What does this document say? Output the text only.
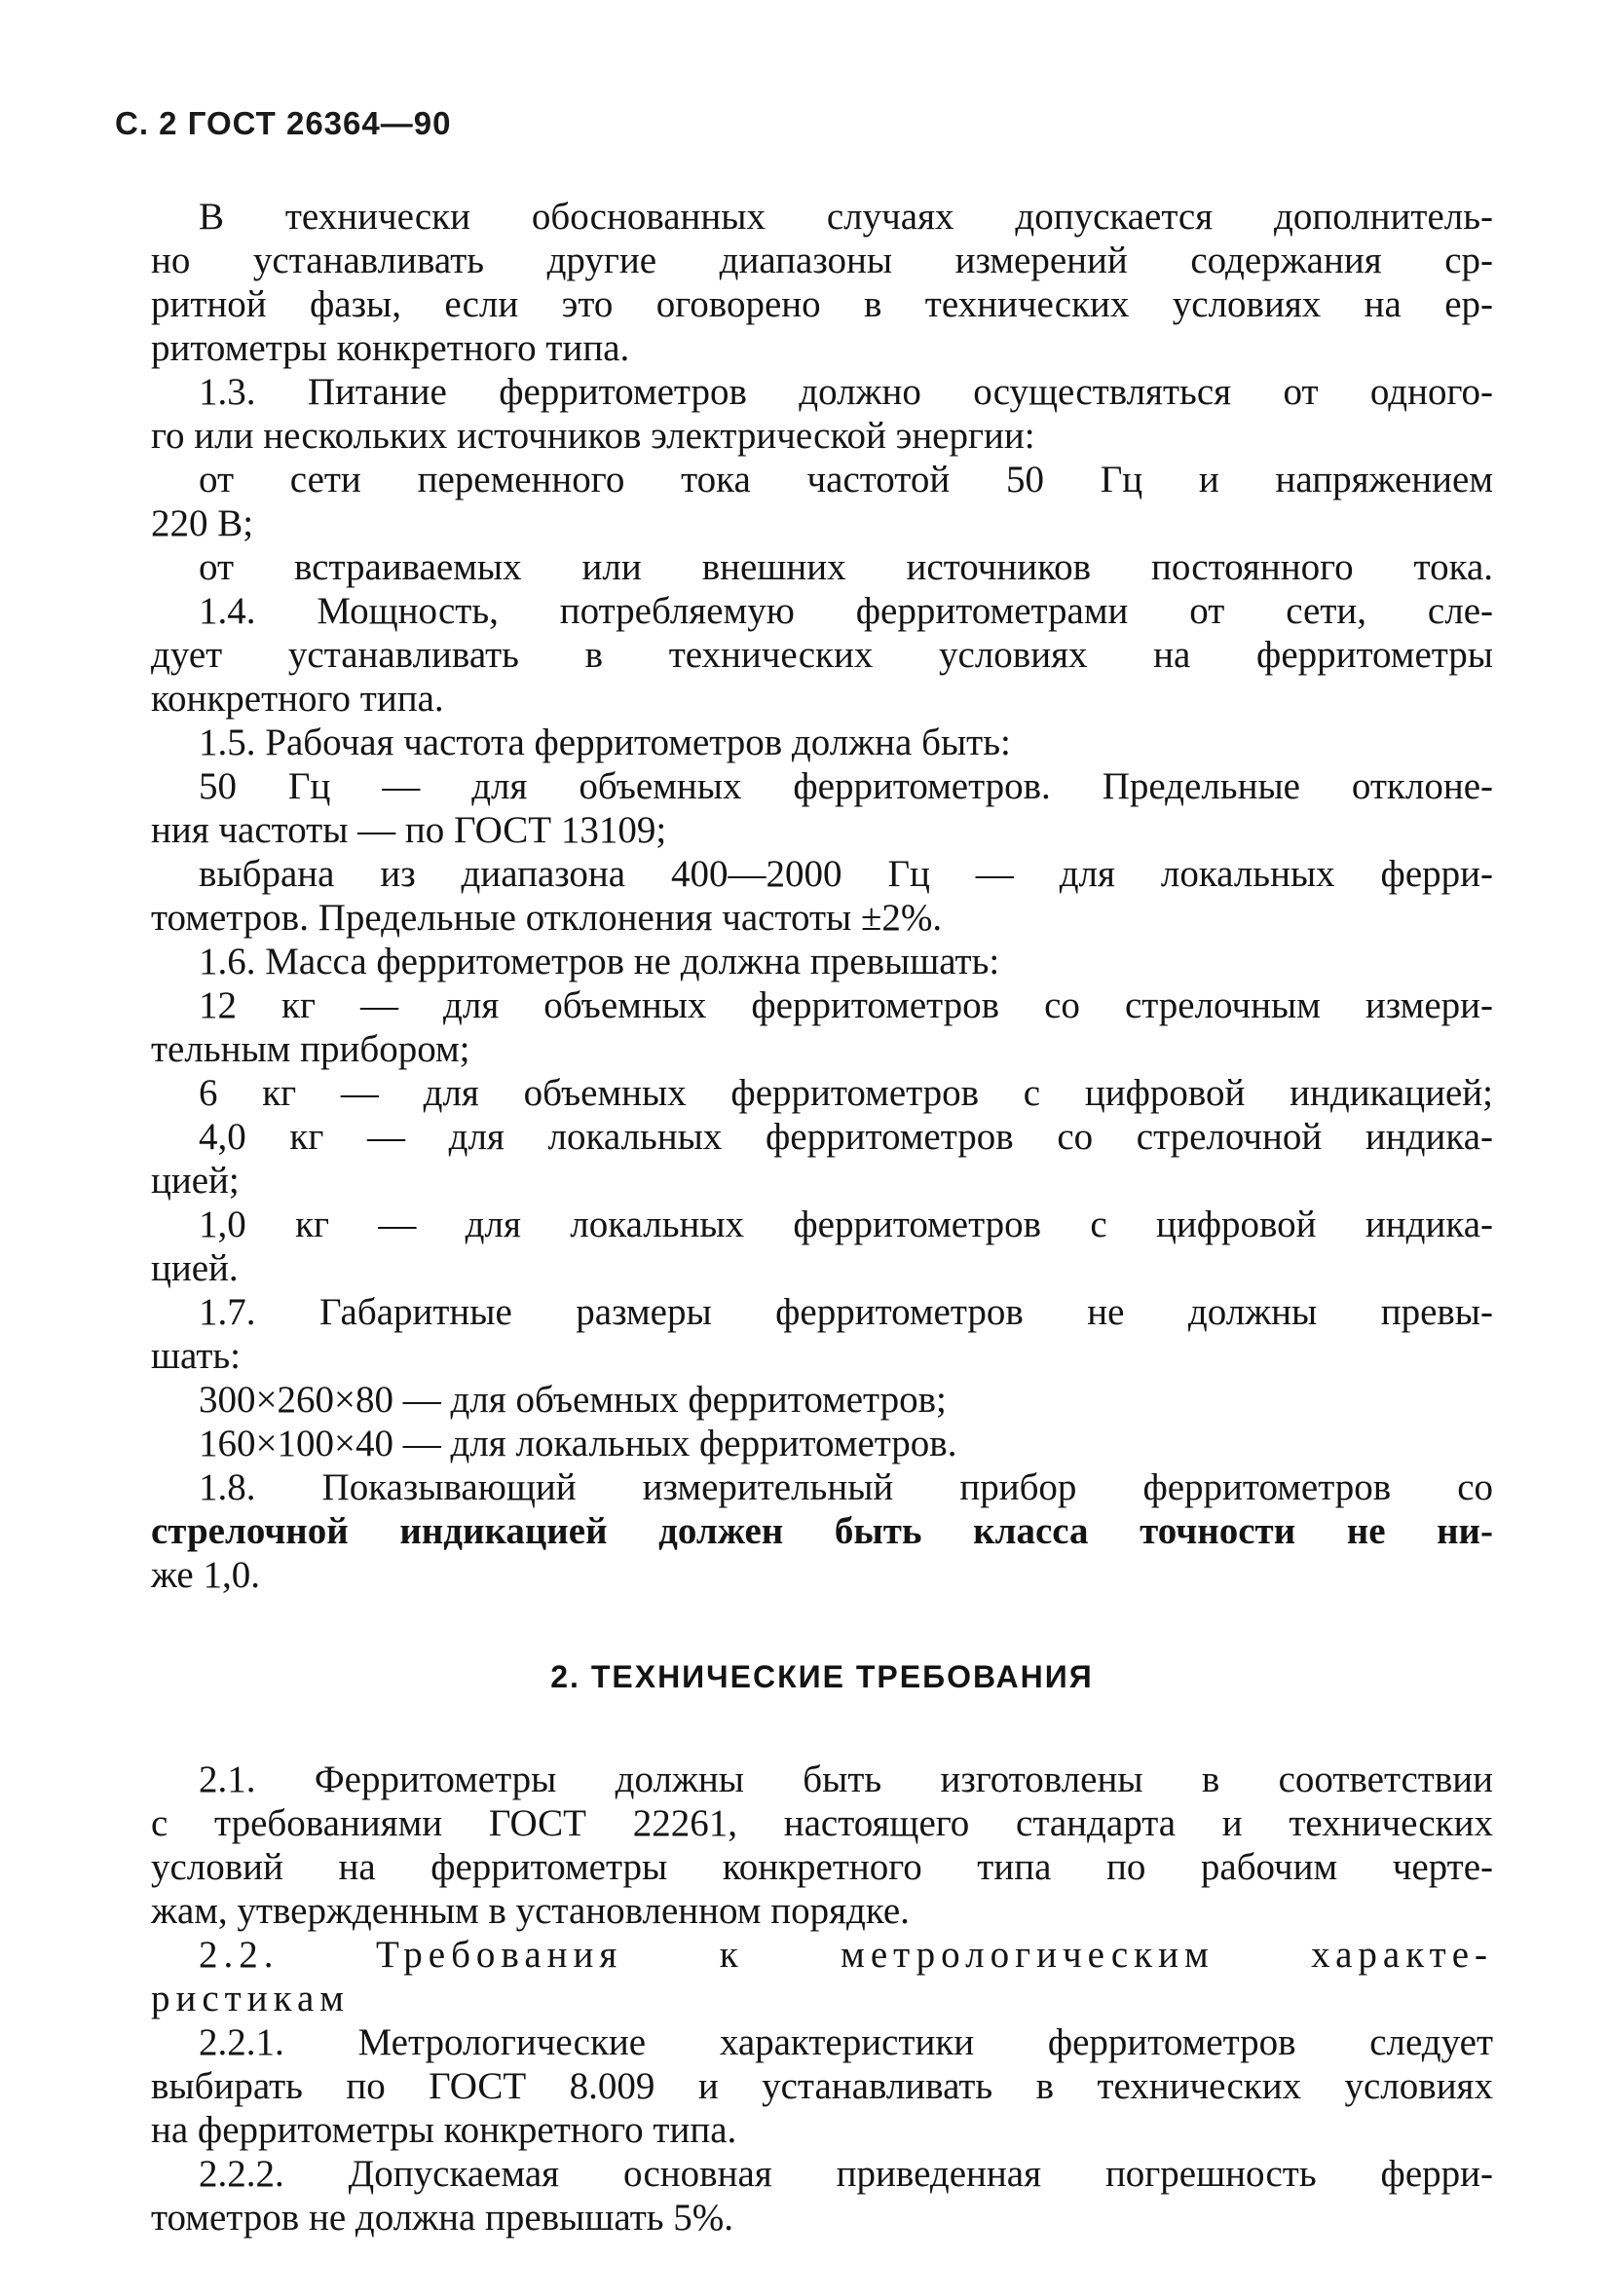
С. 2 ГОСТ 26364—90
В технически обоснованных случаях допускается дополнитель-
но устанавливать другие диапазоны измерений содержания ср-
ритной фазы, если это оговорено в технических условиях на ер-
ритометры конкретного типа.
1.3. Питание ферритометров должно осуществляться от одного-
го или нескольких источников электрической энергии:
от сети переменного тока частотой 50 Гц и напряжением
220 В;
от встраиваемых или внешних источников постоянного тока.
1.4. Мощность, потребляемую ферритометрами от сети, сле-
дует устанавливать в технических условиях на ферритометры
конкретного типа.
1.5. Рабочая частота ферритометров должна быть:
50 Гц — для объемных ферритометров. Предельные отклоне-
ния частоты — по ГОСТ 13109;
выбрана из диапазона 400—2000 Гц — для локальных ферри-
тометров. Предельные отклонения частоты ±2%.
1.6. Масса ферритометров не должна превышать:
12 кг — для объемных ферритометров со стрелочным измери-
тельным прибором;
6 кг — для объемных ферритометров с цифровой индикацией;
4,0 кг — для локальных ферритометров со стрелочной индика-
цией;
1,0 кг — для локальных ферритометров с цифровой индика-
цией.
1.7. Габаритные размеры ферритометров не должны превы-
шать:
300×260×80 — для объемных ферритометров;
160×100×40 — для локальных ферритометров.
1.8. Показывающий измерительный прибор ферритометров со
стрелочной индикацией должен быть класса точности не ни-
же 1,0.
2. ТЕХНИЧЕСКИЕ ТРЕБОВАНИЯ
2.1. Ферритометры должны быть изготовлены в соответствии
с требованиями ГОСТ 22261, настоящего стандарта и технических
условий на ферритометры конкретного типа по рабочим черте-
жам, утвержденным в установленном порядке.
2.2. Требования к метрологическим характе-
ристикам
2.2.1. Метрологические характеристики ферритометров следует
выбирать по ГОСТ 8.009 и устанавливать в технических условиях
на ферритометры конкретного типа.
2.2.2. Допускаемая основная приведенная погрешность ферри-
тометров не должна превышать 5%.
